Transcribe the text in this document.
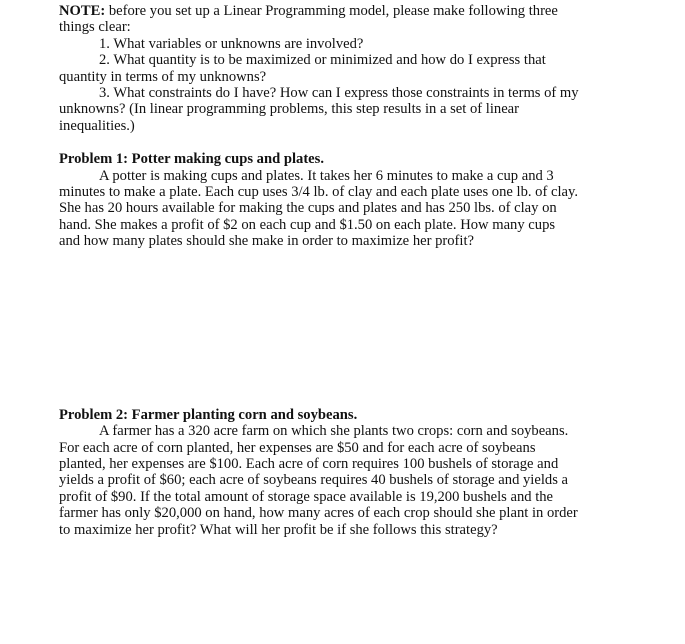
NOTE: before you set up a Linear Programming model, please make following three things clear:

1. What variables or unknowns are involved?

2. What quantity is to be maximized or minimized and how do I express that quantity in terms of my unknowns?

3. What constraints do I have? How can I express those constraints in terms of my unknowns? (In linear programming problems, this step results in a set of linear inequalities.)

Problem 1: Potter making cups and plates.

A potter is making cups and plates. It takes her 6 minutes to make a cup and 3 minutes to make a plate. Each cup uses 3/4 lb. of clay and each plate uses one lb. of clay. She has 20 hours available for making the cups and plates and has 250 lbs. of clay on hand. She makes a profit of $2 on each cup and $1.50 on each plate. How many cups and how many plates should she make in order to maximize her profit?

Problem 2: Farmer planting corn and soybeans.

A farmer has a 320 acre farm on which she plants two crops: corn and soybeans. For each acre of corn planted, her expenses are $50 and for each acre of soybeans planted, her expenses are $100. Each acre of corn requires 100 bushels of storage and yields a profit of $60; each acre of soybeans requires 40 bushels of storage and yields a profit of $90. If the total amount of storage space available is 19,200 bushels and the farmer has only $20,000 on hand, how many acres of each crop should she plant in order to maximize her profit? What will her profit be if she follows this strategy?
